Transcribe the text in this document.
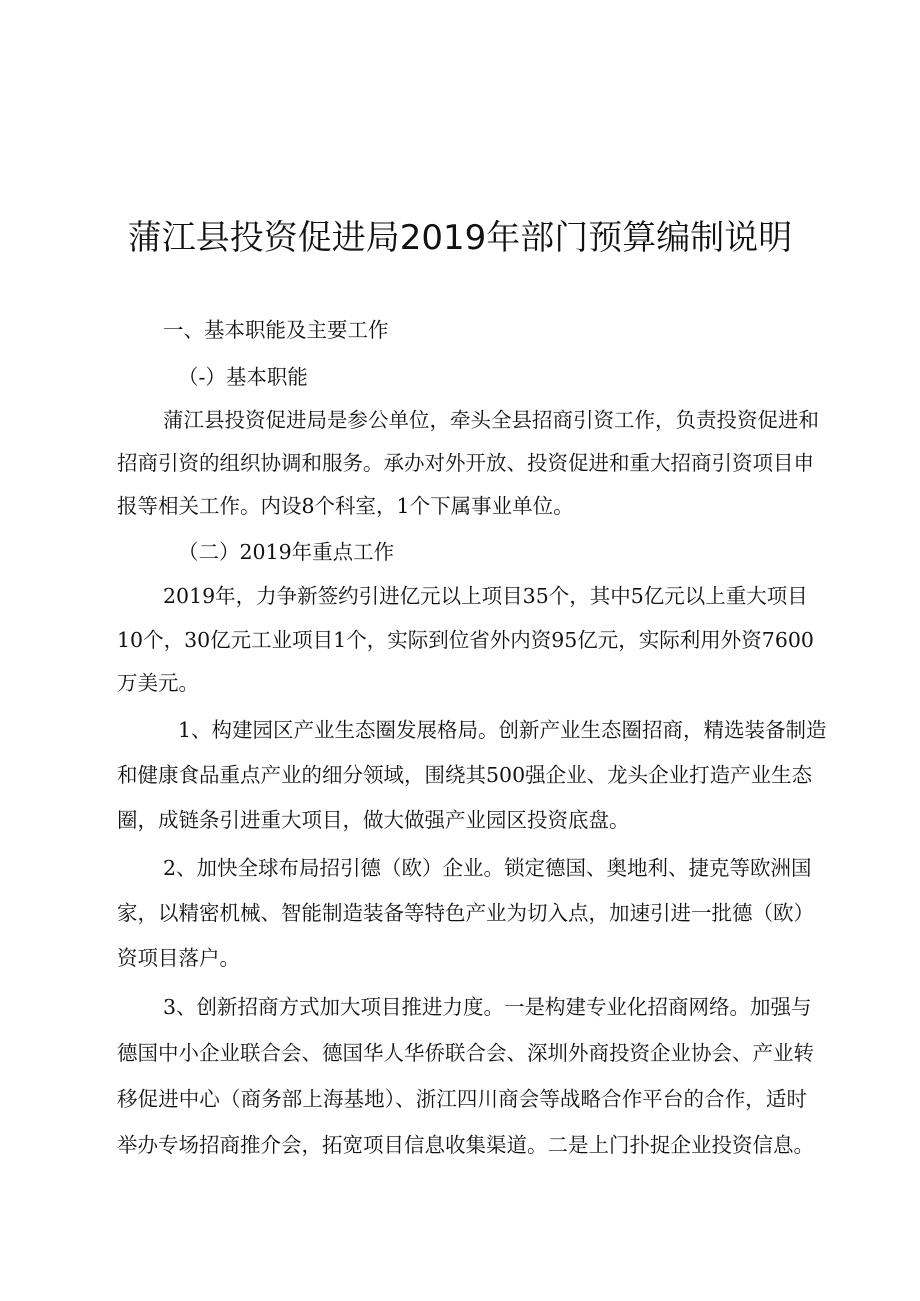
蒲江县投资促进局2019年部门预算编制说明
一、基本职能及主要工作
（-）基本职能
蒲江县投资促进局是参公单位，牵头全县招商引资工作，负责投资促进和
招商引资的组织协调和服务。承办对外开放、投资促进和重大招商引资项目申
报等相关工作。内设8个科室，1个下属事业单位。
（二）2019年重点工作
2019年，力争新签约引进亿元以上项目35个，其中5亿元以上重大项目
10个，30亿元工业项目1个，实际到位省外内资95亿元，实际利用外资7600
万美元。
1、构建园区产业生态圈发展格局。创新产业生态圈招商，精选装备制造
和健康食品重点产业的细分领域，围绕其500强企业、龙头企业打造产业生态
圈，成链条引进重大项目，做大做强产业园区投资底盘。
2、加快全球布局招引德（欧）企业。锁定德国、奥地利、捷克等欧洲国
家，以精密机械、智能制造装备等特色产业为切入点，加速引进一批德（欧）
资项目落户。
3、创新招商方式加大项目推进力度。一是构建专业化招商网络。加强与
德国中小企业联合会、德国华人华侨联合会、深圳外商投资企业协会、产业转
移促进中心（商务部上海基地）、浙江四川商会等战略合作平台的合作，适时
举办专场招商推介会，拓宽项目信息收集渠道。二是上门扑捉企业投资信息。
